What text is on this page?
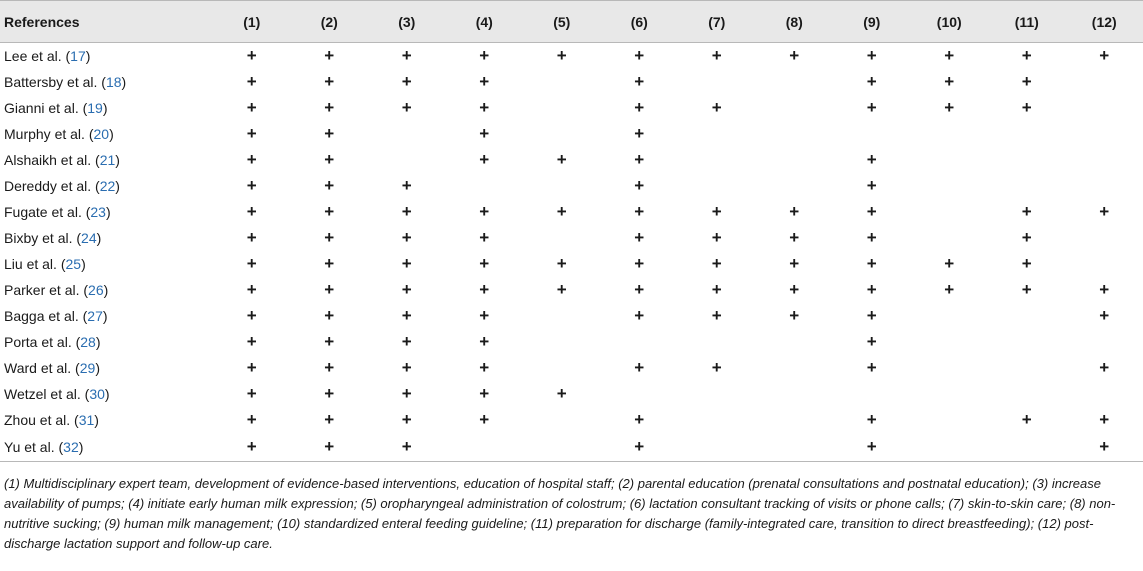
References	(1)	(2)	(3)	(4)	(5)	(6)	(7)	(8)	(9)	(10)	(11)	(12)
Lee et al. (17)	+	+	+	+	+	+	+	+	+	+	+	+
Battersby et al. (18)	+	+	+	+		+			+	+	+	
Gianni et al. (19)	+	+	+	+		+	+		+	+	+	
Murphy et al. (20)	+	+		+		+						
Alshaikh et al. (21)	+	+		+	+	+			+			
Dereddy et al. (22)	+	+	+			+			+			
Fugate et al. (23)	+	+	+	+	+	+	+	+	+		+	+
Bixby et al. (24)	+	+	+	+		+	+	+	+		+	
Liu et al. (25)	+	+	+	+	+	+	+	+	+	+	+	
Parker et al. (26)	+	+	+	+	+	+	+	+	+	+	+	+
Bagga et al. (27)	+	+	+	+		+	+	+	+			+
Porta et al. (28)	+	+	+	+					+			
Ward et al. (29)	+	+	+	+		+	+		+			+
Wetzel et al. (30)	+	+	+	+	+							
Zhou et al. (31)	+	+	+	+		+			+		+	+
Yu et al. (32)	+	+	+			+			+			+
(1) Multidisciplinary expert team, development of evidence-based interventions, education of hospital staff; (2) parental education (prenatal consultations and postnatal education); (3) increase availability of pumps; (4) initiate early human milk expression; (5) oropharyngeal administration of colostrum; (6) lactation consultant tracking of visits or phone calls; (7) skin-to-skin care; (8) non-nutritive sucking; (9) human milk management; (10) standardized enteral feeding guideline; (11) preparation for discharge (family-integrated care, transition to direct breastfeeding); (12) post-discharge lactation support and follow-up care.
